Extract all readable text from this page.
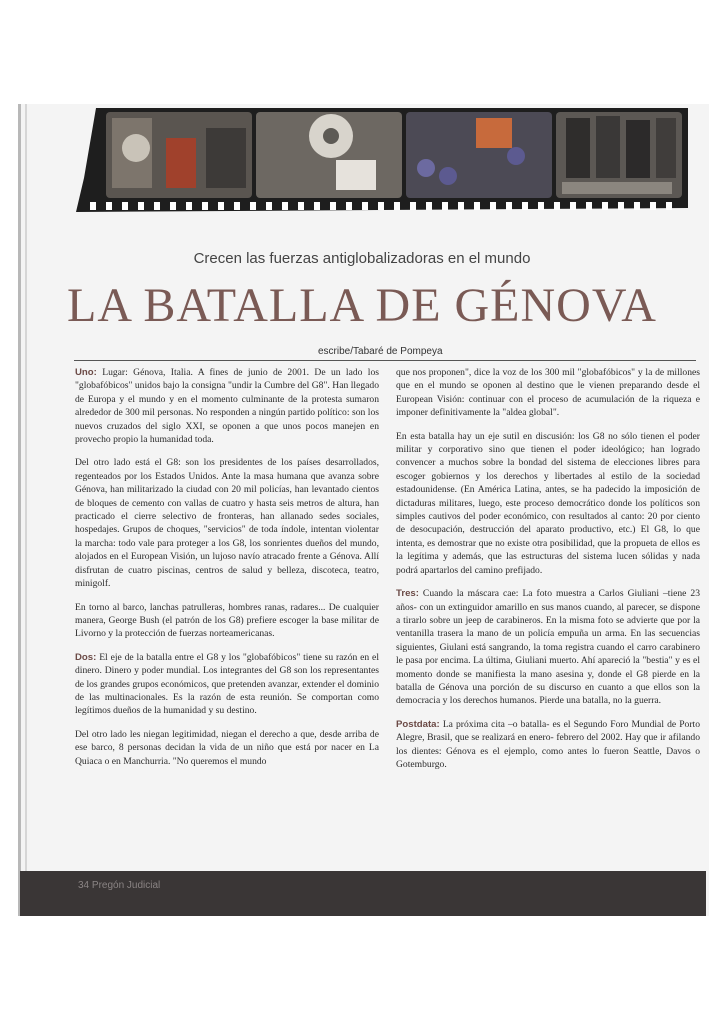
Crecen las fuerzas antiglobalizadoras en el mundo
LA BATALLA DE GÉNOVA
escribe/Tabaré de Pompeya

Uno: Lugar: Génova, Italia. A fines de junio de 2001. De un lado los "globafóbicos" unidos bajo la consigna "undir la Cumbre del G8". Han llegado de Europa y el mundo y en el momento culminante de la protesta sumaron alrededor de 300 mil personas. No responden a ningún partido político: son los nuevos cruzados del siglo XXI, se oponen a que unos pocos manejen en provecho propio la humanidad toda.

Del otro lado está el G8: son los presidentes de los países desarrollados, regenteados por los Estados Unidos. Ante la masa humana que avanza sobre Génova, han militarizado la ciudad con 20 mil policías, han levantado cientos de bloques de cemento con vallas de cuatro y hasta seis metros de altura, han practicado el cierre selectivo de fronteras, han allanado sedes sociales, hospedajes. Grupos de choques, "servicios" de toda índole, intentan violentar la marcha: todo vale para proteger a los G8, los sonrientes dueños del mundo, alojados en el European Visión, un lujoso navío atracado frente a Génova. Allí disfrutan de cuatro piscinas, centros de salud y belleza, discoteca, teatro, minigolf.

En torno al barco, lanchas patrulleras, hombres ranas, radares... De cualquier manera, George Bush (el patrón de los G8) prefiere escoger la base militar de Livorno y la protección de fuerzas norteamericanas.

Dos: El eje de la batalla entre el G8 y los "globafóbicos" tiene su razón en el dinero. Dinero y poder mundial. Los integrantes del G8 son los representantes de los grandes grupos económicos, que pretenden avanzar, extender el dominio de las multinacionales. Es la razón de esta reunión. Se comportan como legítimos dueños de la humanidad y su destino.

Del otro lado les niegan legitimidad, niegan el derecho a que, desde arriba de ese barco, 8 personas decidan la vida de un niño que está por nacer en La Quiaca o en Manchurria. "No queremos el mundo

que nos proponen", dice la voz de los 300 mil "globafóbicos" y la de millones que en el mundo se oponen al destino que le vienen preparando desde el European Visión: continuar con el proceso de acumulación de la riqueza e imponer definitivamente la "aldea global".

En esta batalla hay un eje sutil en discusión: los G8 no sólo tienen el poder militar y corporativo sino que tienen el poder ideológico; han logrado convencer a muchos sobre la bondad del sistema de elecciones libres para escoger gobiernos y los derechos y libertades al estilo de la sociedad estadounidense. (En América Latina, antes, se ha padecido la imposición de dictaduras militares, luego, este proceso democrático donde los políticos son simples cautivos del poder económico, con resultados al canto: 20 por ciento de desocupación, destrucción del aparato productivo, etc.) El G8, lo que intenta, es demostrar que no existe otra posibilidad, que la propueta de ellos es la legítima y además, que las estructuras del sistema lucen sólidas y nada podrá apartarlos del camino prefijado.

Tres: Cuando la máscara cae: La foto muestra a Carlos Giuliani –tiene 23 años- con un extinguidor amarillo en sus manos cuando, al parecer, se dispone a tirarlo sobre un jeep de carabineros. En la misma foto se advierte que por la ventanilla trasera la mano de un policía empuña un arma. En las secuencias siguientes, Giulani está sangrando, la toma registra cuando el carro carabinero le pasa por encima. La última, Giuliani muerto. Ahí apareció la "bestia" y es el momento donde se manifiesta la mano asesina y, donde el G8 pierde en la batalla de Génova una porción de su discurso en cuanto a que ellos son la democracia y los derechos humanos. Pierde una batalla, no la guerra.

Postdata: La próxima cita –o batalla- es el Segundo Foro Mundial de Porto Alegre, Brasil, que se realizará en enero- febrero del 2002. Hay que ir afilando los dientes: Génova es el ejemplo, como antes lo fueron Seattle, Davos o Gotemburgo.

34 Pregón Judicial
